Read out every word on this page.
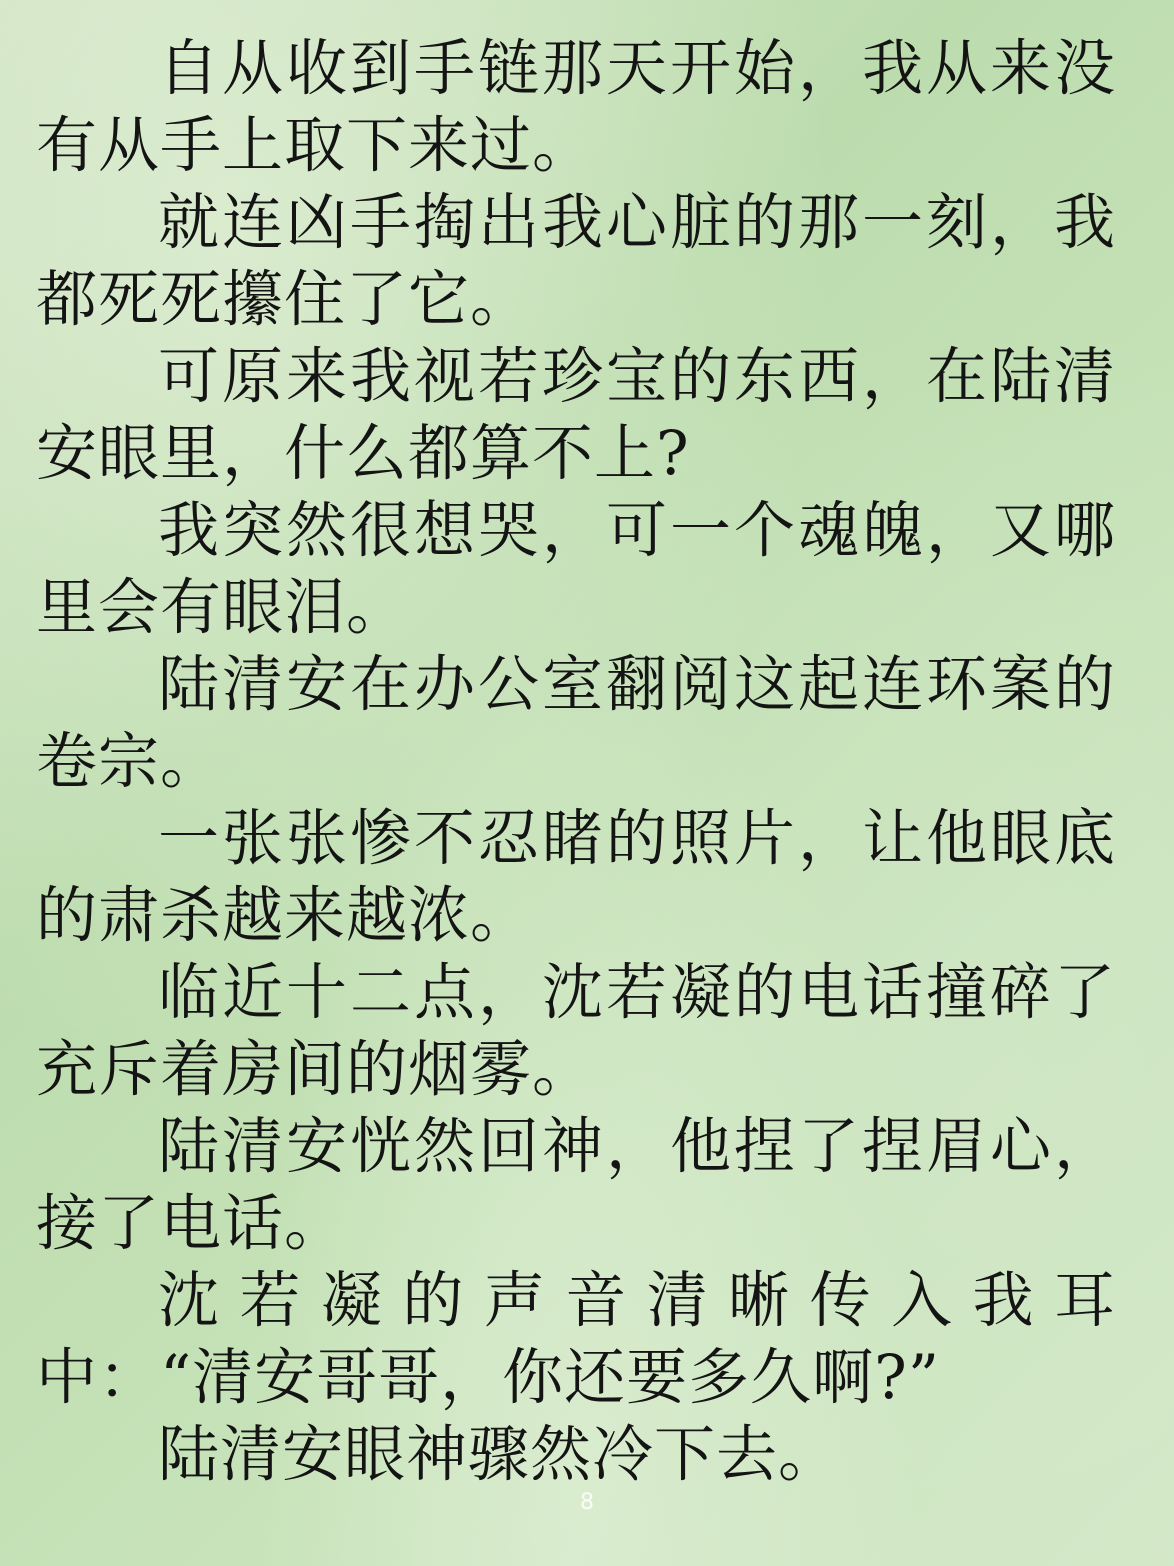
自从收到手链那天开始，我从来没有从手上取下来过。

就连凶手掏出我心脏的那一刻，我都死死攥住了它。

可原来我视若珍宝的东西，在陆清安眼里，什么都算不上?

我突然很想哭，可一个魂魄，又哪里会有眼泪。

陆清安在办公室翻阅这起连环案的卷宗。

一张张惨不忍睹的照片，让他眼底的肃杀越来越浓。

临近十二点，沈若凝的电话撞碎了充斥着房间的烟雾。

陆清安恍然回神，他捏了捏眉心，接了电话。

沈若凝的声音清晰传入我耳中：“清安哥哥，你还要多久啊?”

陆清安眼神骤然冷下去。

8
